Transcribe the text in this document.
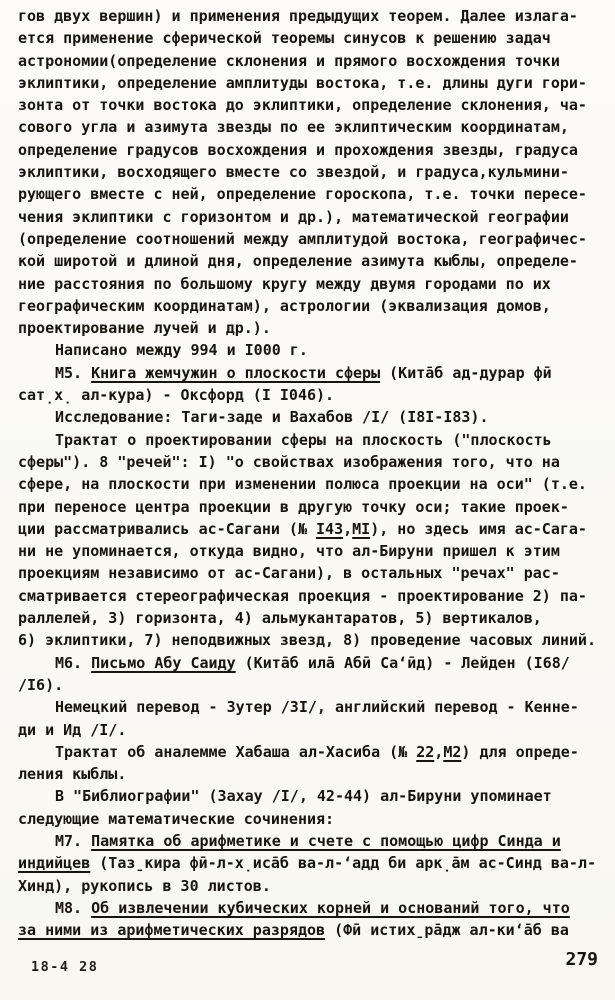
гов двух вершин) и применения предыдущих теорем. Далее излага-
ется применение сферической теоремы синусов к решению задач
астрономии(определение склонения и прямого восхождения точки
эклиптики, определение амплитуды востока, т.е. длины дуги гори-
зонта от точки востока до эклиптики, определение склонения, ча-
сового угла и азимута звезды по ее эклиптическим координатам,
определение градусов восхождения и прохождения звезды, градуса
эклиптики, восходящего вместе со звездой, и градуса,кульмини-
рующего вместе с ней, определение гороскопа, т.е. точки пересе-
чения эклиптики с горизонтом и др.), математической географии
(определение соотношений между амплитудой востока, географичес-
кой широтой и длиной дня, определение азимута кыблы, определе-
ние расстояния по большому кругу между двумя городами по их
географическим координатам), астрологии (эквализация домов,
проектирование лучей и др.).
Написано между 994 и I000 г.
М5. Книга жемчужин о плоскости сферы (Кита̄б ад-дурар фӣ
сат̣х̣ ал-кура) - Оксфорд (I I046).
Исследование: Таги-заде и Вахабов /I/ (I8I-I83).
Трактат о проектировании сферы на плоскость ("плоскость
сферы"). 8 "речей": I) "о свойствах изображения того, что на
сфере, на плоскости при изменении полюса проекции на оси" (т.е.
при переносе центра проекции в другую точку оси; такие проек-
ции рассматривались ас-Сагани (№ I43,МI), но здесь имя ас-Сага-
ни не упоминается, откуда видно, что ал-Бируни пришел к этим
проекциям независимо от ас-Сагани), в остальных "речах" рас-
сматривается стереографическая проекция - проектирование 2) па-
раллелей, 3) горизонта, 4) альмукантаратов, 5) вертикалов,
6) эклиптики, 7) неподвижных звезд, 8) проведение часовых линий.
М6. Письмо Абу Саиду (Кита̄б ила̄ Абӣ Са‘ӣд) - Лейден (I68/
/I6).
Немецкий перевод - Зутер /3I/, английский перевод - Кенне-
ди и Ид /I/.
Трактат об аналемме Хабаша ал-Хасиба (№ 22,М2) для опреде-
ления кыблы.
В "Библиографии" (Захау /I/, 42-44) ал-Бируни упоминает
следующие математические сочинения:
М7. Памятка об арифметике и счете с помощью цифр Синда и
индийцев (Таз̱кира фӣ-л-х̣иса̄б ва-л-‘адд би арк̣а̄м ас-Синд ва-л-
Хинд), рукопись в 30 листов.
М8. Об извлечении кубических корней и оснований того, что
за ними из арифметических разрядов (Фӣ истих̱ра̄дж ал-ки‘а̄б ва
18-4 28	279
